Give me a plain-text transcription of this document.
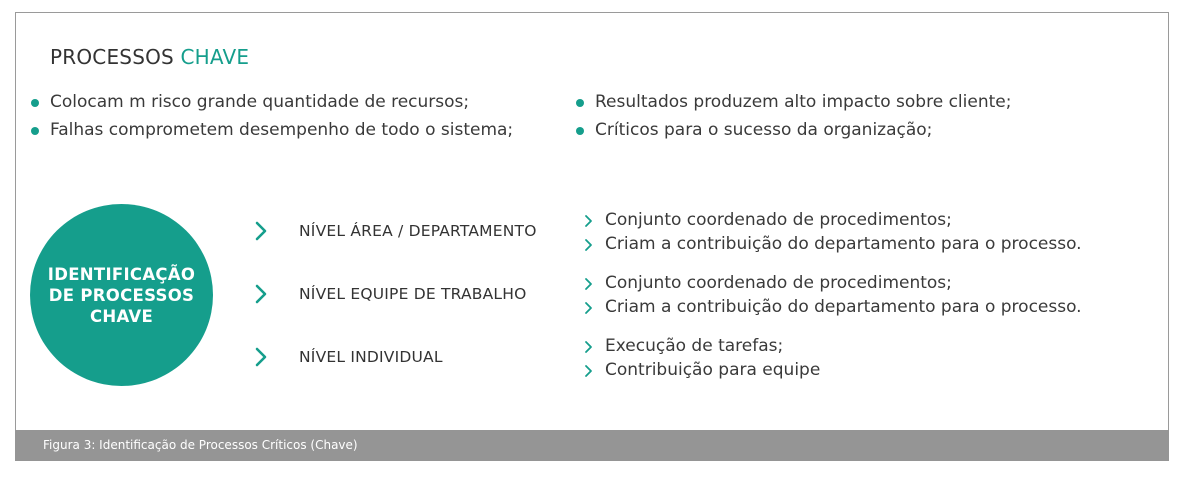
PROCESSOS CHAVE
Colocam m risco grande quantidade de recursos;
Falhas comprometem desempenho de todo o sistema;
Resultados produzem alto impacto sobre cliente;
Críticos para o sucesso da organização;
IDENTIFICAÇÃO
DE PROCESSOS
CHAVE
NÍVEL ÁREA / DEPARTAMENTO
Conjunto coordenado de procedimentos;
Criam a contribuição do departamento para o processo.
NÍVEL EQUIPE DE TRABALHO
Conjunto coordenado de procedimentos;
Criam a contribuição do departamento para o processo.
NÍVEL INDIVIDUAL
Execução de tarefas;
Contribuição para equipe
Figura 3: Identificação de Processos Críticos (Chave)
